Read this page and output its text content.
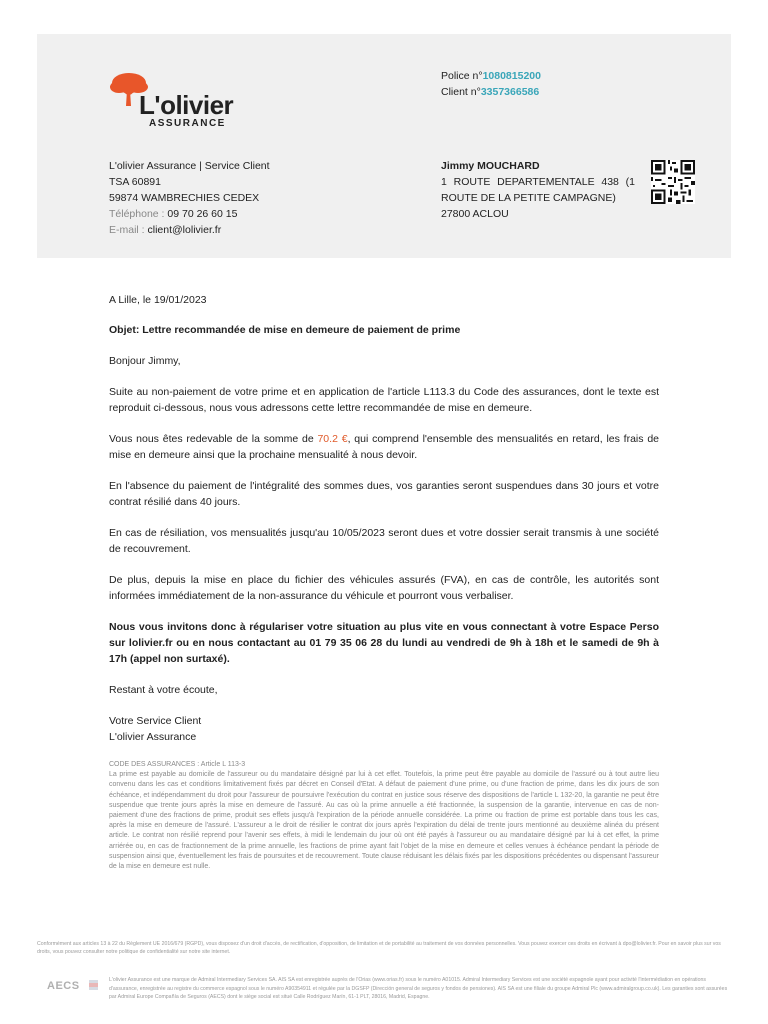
L'olivier
ASSURANCE
Police n°1080815200
Client n°3357366586
L'olivier Assurance | Service Client
TSA 60891
59874 WAMBRECHIES CEDEX
Téléphone : 09 70 26 60 15
E-mail : client@lolivier.fr
Jimmy MOUCHARD
1 ROUTE DEPARTEMENTALE 438 (1 ROUTE DE LA PETITE CAMPAGNE)
27800 ACLOU

A Lille, le 19/01/2023

Objet: Lettre recommandée de mise en demeure de paiement de prime

Bonjour Jimmy,

Suite au non-paiement de votre prime et en application de l'article L113.3 du Code des assurances, dont le texte est reproduit ci-dessous, nous vous adressons cette lettre recommandée de mise en demeure.

Vous nous êtes redevable de la somme de 70.2 €, qui comprend l'ensemble des mensualités en retard, les frais de mise en demeure ainsi que la prochaine mensualité à nous devoir.

En l'absence du paiement de l'intégralité des sommes dues, vos garanties seront suspendues dans 30 jours et votre contrat résilié dans 40 jours.

En cas de résiliation, vos mensualités jusqu'au 10/05/2023 seront dues et votre dossier serait transmis à une société de recouvrement.

De plus, depuis la mise en place du fichier des véhicules assurés (FVA), en cas de contrôle, les autorités sont informées immédiatement de la non-assurance du véhicule et pourront vous verbaliser.

Nous vous invitons donc à régulariser votre situation au plus vite en vous connectant à votre Espace Perso sur lolivier.fr ou en nous contactant au 01 79 35 06 28 du lundi au vendredi de 9h à 18h et le samedi de 9h à 17h (appel non surtaxé).

Restant à votre écoute,

Votre Service Client
L'olivier Assurance
CODE DES ASSURANCES : Article L 113-3
La prime est payable au domicile de l'assureur ou du mandataire désigné par lui à cet effet. Toutefois, la prime peut être payable au domicile de l'assuré ou à tout autre lieu convenu dans les cas et conditions limitativement fixés par décret en Conseil d'Etat. A défaut de paiement d'une prime, ou d'une fraction de prime, dans les dix jours de son échéance, et indépendamment du droit pour l'assureur de poursuivre l'exécution du contrat en justice sous réserve des dispositions de l'article L 132-20, la garantie ne peut être suspendue que trente jours après la mise en demeure de l'assuré. Au cas où la prime annuelle a été fractionnée, la suspension de la garantie, intervenue en cas de non-paiement d'une des fractions de prime, produit ses effets jusqu'à l'expiration de la période annuelle considérée. La prime ou fraction de prime est portable dans tous les cas, après la mise en demeure de l'assuré. L'assureur a le droit de résilier le contrat dix jours après l'expiration du délai de trente jours mentionné au deuxième alinéa du présent article. Le contrat non résilié reprend pour l'avenir ses effets, à midi le lendemain du jour où ont été payés à l'assureur ou au mandataire désigné par lui à cet effet, la prime arriérée ou, en cas de fractionnement de la prime annuelle, les fractions de prime ayant fait l'objet de la mise en demeure et celles venues à échéance pendant la période de suspension ainsi que, éventuellement les frais de poursuites et de recouvrement. Toute clause réduisant les délais fixés par les dispositions précédentes ou dispensant l'assureur de la mise en demeure est nulle.
Conformément aux articles 13 à 22 du Règlement UE 2016/679 (RGPD), vous disposez d'un droit d'accès, de rectification, d'opposition, de limitation et de portabilité au traitement de vos données personnelles. Vous pouvez exercer ces droits en écrivant à dpo@lolivier.fr. Pour en savoir plus sur vos droits, vous pouvez consulter notre politique de confidentialité sur notre site internet.
AECS	L'olivier Assurance est une marque de Admiral Intermediary Services SA. AIS SA est enregistrée auprès de l'Orias (www.orias.fr) sous le numéro A01015. Admiral Intermediary Services est une société espagnole ayant pour activité l'intermédiation en opérations d'assurance, enregistrée au registre du commerce espagnol sous le numéro A90354911 et régulée par la DGSFP (Dirección general de seguros y fondos de pensiones). AIS SA est une filiale du groupe Admiral Plc (www.admiralgroup.co.uk). Les garanties sont assurées par Admiral Europe Compañía de Seguros (AECS) dont le siège social est situé Calle Rodríguez Marín, 61-1 PLT, 28016, Madrid, Espagne.
